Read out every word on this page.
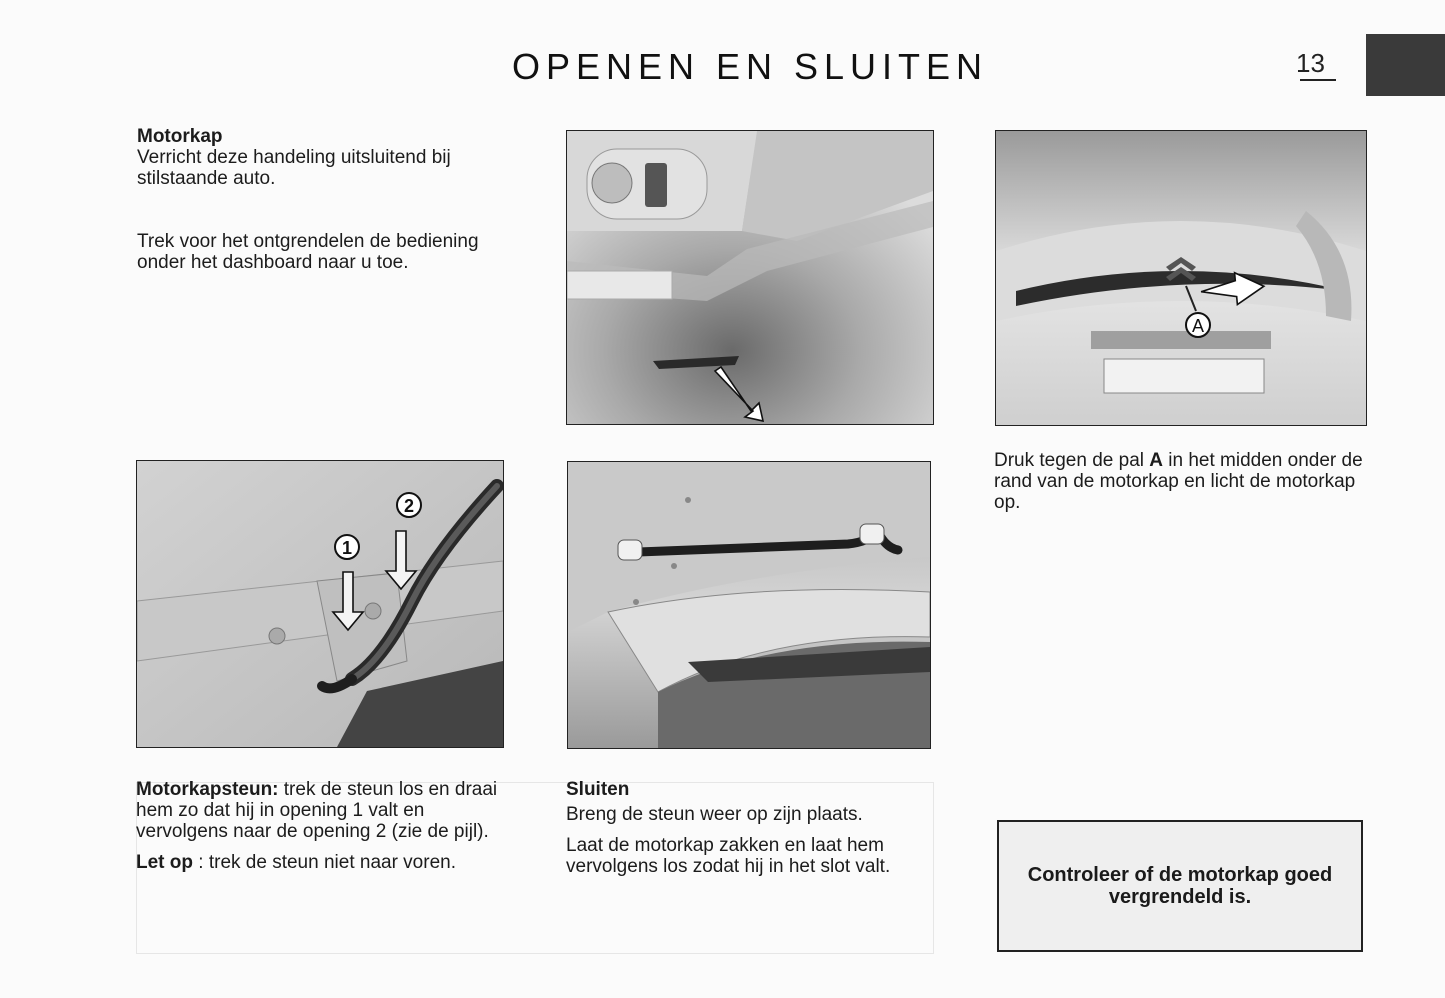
OPENEN EN SLUITEN	13

Motorkap

Verricht deze handeling uitsluitend bij stilstaande auto.

Trek voor het ontgrendelen de bediening onder het dashboard naar u toe.

A

Druk tegen de pal A in het midden onder de rand van de motorkap en licht de motorkap op.

1
2

Motorkapsteun: trek de steun los en draai hem zo dat hij in opening 1 valt en vervolgens naar de opening 2 (zie de pijl).

Let op : trek de steun niet naar voren.

Sluiten

Breng de steun weer op zijn plaats.

Laat de motorkap zakken en laat hem vervolgens los zodat hij in het slot valt.	Controleer of de motorkap goed vergrendeld is.
